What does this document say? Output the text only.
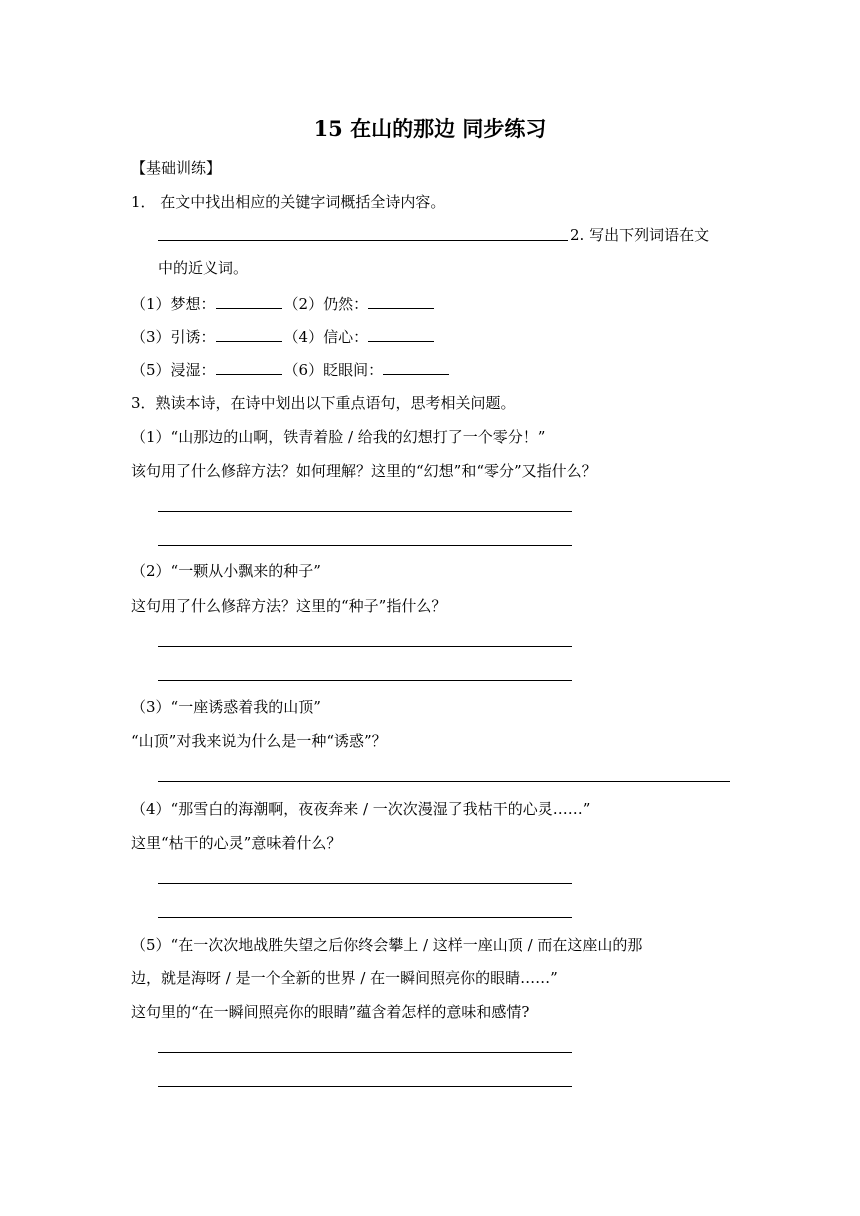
15 在山的那边 同步练习
【基础训练】
1． 在文中找出相应的关键字词概括全诗内容。
2. 写出下列词语在文
中的近义词。
（1）梦想：	（2）仍然：
（3）引诱：	（4）信心：
（5）浸湿：	（6）眨眼间：
3．熟读本诗，在诗中划出以下重点语句，思考相关问题。
（1）“山那边的山啊，铁青着脸 / 给我的幻想打了一个零分！”
该句用了什么修辞方法？如何理解？这里的“幻想”和“零分”又指什么？
（2）“一颗从小飘来的种子”
这句用了什么修辞方法？这里的“种子”指什么？
（3）“一座诱惑着我的山顶”
“山顶”对我来说为什么是一种“诱惑”？
（4）“那雪白的海潮啊，夜夜奔来 / 一次次漫湿了我枯干的心灵……”
这里“枯干的心灵”意味着什么？
（5）“在一次次地战胜失望之后你终会攀上 / 这样一座山顶 / 而在这座山的那
边，就是海呀 / 是一个全新的世界 / 在一瞬间照亮你的眼睛……”
这句里的“在一瞬间照亮你的眼睛”蕴含着怎样的意味和感情?
